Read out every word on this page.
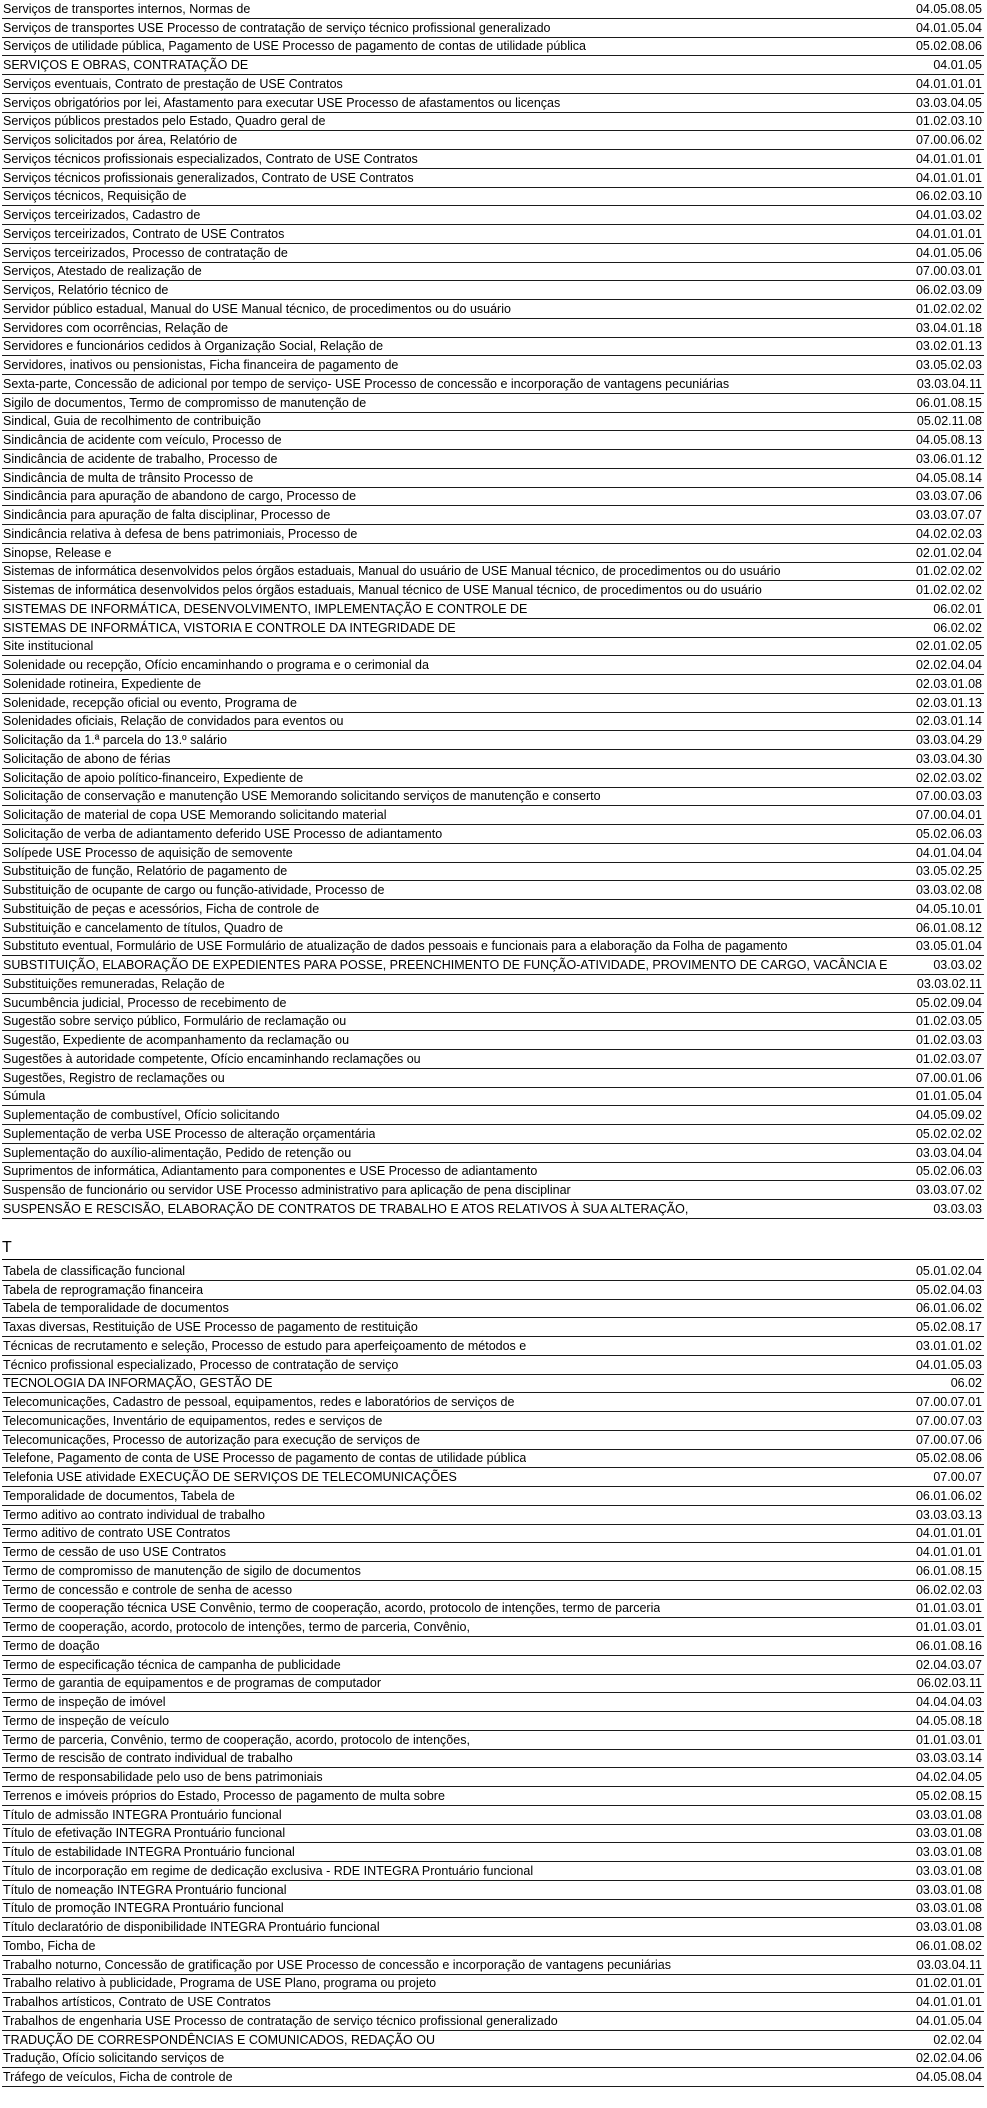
Serviços de transportes internos, Normas de	04.05.08.05
Serviços de transportes USE Processo de contratação de serviço técnico profissional generalizado	04.01.05.04
Serviços de utilidade pública, Pagamento de USE Processo de pagamento de contas de utilidade pública	05.02.08.06
SERVIÇOS E OBRAS, CONTRATAÇÃO DE	04.01.05
Serviços eventuais, Contrato de prestação de USE Contratos	04.01.01.01
Serviços obrigatórios por lei, Afastamento para executar USE Processo de afastamentos ou licenças	03.03.04.05
Serviços públicos prestados pelo Estado, Quadro geral de	01.02.03.10
Serviços solicitados por área, Relatório de	07.00.06.02
Serviços técnicos profissionais especializados, Contrato de USE Contratos	04.01.01.01
Serviços técnicos profissionais generalizados, Contrato de USE Contratos	04.01.01.01
Serviços técnicos, Requisição de	06.02.03.10
Serviços terceirizados, Cadastro de	04.01.03.02
Serviços terceirizados, Contrato de USE Contratos	04.01.01.01
Serviços terceirizados, Processo de contratação de	04.01.05.06
Serviços, Atestado de realização de	07.00.03.01
Serviços, Relatório técnico de	06.02.03.09
Servidor público estadual, Manual do USE Manual técnico, de procedimentos ou do usuário	01.02.02.02
Servidores com ocorrências, Relação de	03.04.01.18
Servidores e funcionários cedidos à Organização Social, Relação de	03.02.01.13
Servidores, inativos ou pensionistas, Ficha financeira de pagamento de	03.05.02.03
Sexta-parte, Concessão de adicional por tempo de serviço- USE Processo de concessão e incorporação de vantagens pecuniárias	03.03.04.11
Sigilo de documentos, Termo de compromisso de manutenção de	06.01.08.15
Sindical, Guia de recolhimento de contribuição	05.02.11.08
Sindicância de acidente com veículo, Processo de	04.05.08.13
Sindicância de acidente de trabalho, Processo de	03.06.01.12
Sindicância de multa de trânsito Processo de	04.05.08.14
Sindicância para apuração de abandono de cargo, Processo de	03.03.07.06
Sindicância para apuração de falta disciplinar, Processo de	03.03.07.07
Sindicância relativa à defesa de bens patrimoniais, Processo de	04.02.02.03
Sinopse, Release e	02.01.02.04
Sistemas de informática desenvolvidos pelos órgãos estaduais, Manual do usuário de USE Manual técnico, de procedimentos ou do usuário	01.02.02.02
Sistemas de informática desenvolvidos pelos órgãos estaduais, Manual técnico de USE Manual técnico, de procedimentos ou do usuário	01.02.02.02
SISTEMAS DE INFORMÁTICA, DESENVOLVIMENTO, IMPLEMENTAÇÃO E CONTROLE DE	06.02.01
SISTEMAS DE INFORMÁTICA, VISTORIA E CONTROLE DA INTEGRIDADE DE	06.02.02
Site institucional	02.01.02.05
Solenidade ou recepção, Ofício encaminhando o programa e o cerimonial da	02.02.04.04
Solenidade rotineira, Expediente de	02.03.01.08
Solenidade, recepção oficial ou evento, Programa de	02.03.01.13
Solenidades oficiais, Relação de convidados para eventos ou	02.03.01.14
Solicitação da 1.ª parcela do 13.º salário	03.03.04.29
Solicitação de abono de férias	03.03.04.30
Solicitação de apoio político-financeiro, Expediente de	02.02.03.02
Solicitação de conservação e manutenção USE Memorando solicitando serviços de manutenção e conserto	07.00.03.03
Solicitação de material de copa USE Memorando solicitando material	07.00.04.01
Solicitação de verba de adiantamento deferido USE Processo de adiantamento	05.02.06.03
Solípede USE Processo de aquisição de semovente	04.01.04.04
Substituição de função, Relatório de pagamento de	03.05.02.25
Substituição de ocupante de cargo ou função-atividade, Processo de	03.03.02.08
Substituição de peças e acessórios, Ficha de controle de	04.05.10.01
Substituição e cancelamento de títulos, Quadro de	06.01.08.12
Substituto eventual, Formulário de USE Formulário de atualização de dados pessoais e funcionais para a elaboração da Folha de pagamento	03.05.01.04
SUBSTITUIÇÃO, ELABORAÇÃO DE EXPEDIENTES PARA POSSE, PREENCHIMENTO DE FUNÇÃO-ATIVIDADE, PROVIMENTO DE CARGO, VACÂNCIA E	03.03.02
Substituições remuneradas, Relação de	03.03.02.11
Sucumbência judicial, Processo de recebimento de	05.02.09.04
Sugestão sobre serviço público, Formulário de reclamação ou	01.02.03.05
Sugestão, Expediente de acompanhamento da reclamação ou	01.02.03.03
Sugestões à autoridade competente, Ofício encaminhando reclamações ou	01.02.03.07
Sugestões, Registro de reclamações ou	07.00.01.06
Súmula	01.01.05.04
Suplementação de combustível, Ofício solicitando	04.05.09.02
Suplementação de verba USE Processo de alteração orçamentária	05.02.02.02
Suplementação do auxílio-alimentação, Pedido de retenção ou	03.03.04.04
Suprimentos de informática, Adiantamento para componentes e USE Processo de adiantamento	05.02.06.03
Suspensão de funcionário ou servidor USE Processo administrativo para aplicação de pena disciplinar	03.03.07.02
SUSPENSÃO E RESCISÃO, ELABORAÇÃO DE CONTRATOS DE TRABALHO E ATOS RELATIVOS À SUA ALTERAÇÃO,	03.03.03
T
Tabela de classificação funcional	05.01.02.04
Tabela de reprogramação financeira	05.02.04.03
Tabela de temporalidade de documentos	06.01.06.02
Taxas diversas, Restituição de USE Processo de pagamento de restituição	05.02.08.17
Técnicas de recrutamento e seleção, Processo de estudo para aperfeiçoamento de métodos e	03.01.01.02
Técnico profissional especializado, Processo de contratação de serviço	04.01.05.03
TECNOLOGIA DA INFORMAÇÃO, GESTÃO DE	06.02
Telecomunicações, Cadastro de pessoal, equipamentos, redes e laboratórios de serviços de	07.00.07.01
Telecomunicações, Inventário de equipamentos, redes e serviços de	07.00.07.03
Telecomunicações, Processo de autorização para execução de serviços de	07.00.07.06
Telefone, Pagamento de conta de USE Processo de pagamento de contas de utilidade pública	05.02.08.06
Telefonia USE atividade EXECUÇÃO DE SERVIÇOS DE TELECOMUNICAÇÕES	07.00.07
Temporalidade de documentos, Tabela de	06.01.06.02
Termo aditivo ao contrato individual de trabalho	03.03.03.13
Termo aditivo de contrato USE Contratos	04.01.01.01
Termo de cessão de uso USE Contratos	04.01.01.01
Termo de compromisso de manutenção de sigilo de documentos	06.01.08.15
Termo de concessão e controle de senha de acesso	06.02.02.03
Termo de cooperação técnica USE Convênio, termo de cooperação, acordo, protocolo de intenções, termo de parceria	01.01.03.01
Termo de cooperação, acordo, protocolo de intenções, termo de parceria, Convênio,	01.01.03.01
Termo de doação	06.01.08.16
Termo de especificação técnica de campanha de publicidade	02.04.03.07
Termo de garantia de equipamentos e de programas de computador	06.02.03.11
Termo de inspeção de imóvel	04.04.04.03
Termo de inspeção de veículo	04.05.08.18
Termo de parceria, Convênio, termo de cooperação, acordo, protocolo de intenções,	01.01.03.01
Termo de rescisão de contrato individual de trabalho	03.03.03.14
Termo de responsabilidade pelo uso de bens patrimoniais	04.02.04.05
Terrenos e imóveis próprios do Estado, Processo de pagamento de multa sobre	05.02.08.15
Título de admissão INTEGRA Prontuário funcional	03.03.01.08
Título de efetivação INTEGRA Prontuário funcional	03.03.01.08
Título de estabilidade INTEGRA Prontuário funcional	03.03.01.08
Título de incorporação em regime de dedicação exclusiva - RDE INTEGRA Prontuário funcional	03.03.01.08
Título de nomeação INTEGRA Prontuário funcional	03.03.01.08
Título de promoção INTEGRA Prontuário funcional	03.03.01.08
Título declaratório de disponibilidade INTEGRA Prontuário funcional	03.03.01.08
Tombo, Ficha de	06.01.08.02
Trabalho noturno, Concessão de gratificação por USE Processo de concessão e incorporação de vantagens pecuniárias	03.03.04.11
Trabalho relativo à publicidade, Programa de USE Plano, programa ou projeto	01.02.01.01
Trabalhos artísticos, Contrato de USE Contratos	04.01.01.01
Trabalhos de engenharia USE Processo de contratação de serviço técnico profissional generalizado	04.01.05.04
TRADUÇÃO DE CORRESPONDÊNCIAS E COMUNICADOS, REDAÇÃO OU	02.02.04
Tradução, Ofício solicitando serviços de	02.02.04.06
Tráfego de veículos, Ficha de controle de	04.05.08.04
